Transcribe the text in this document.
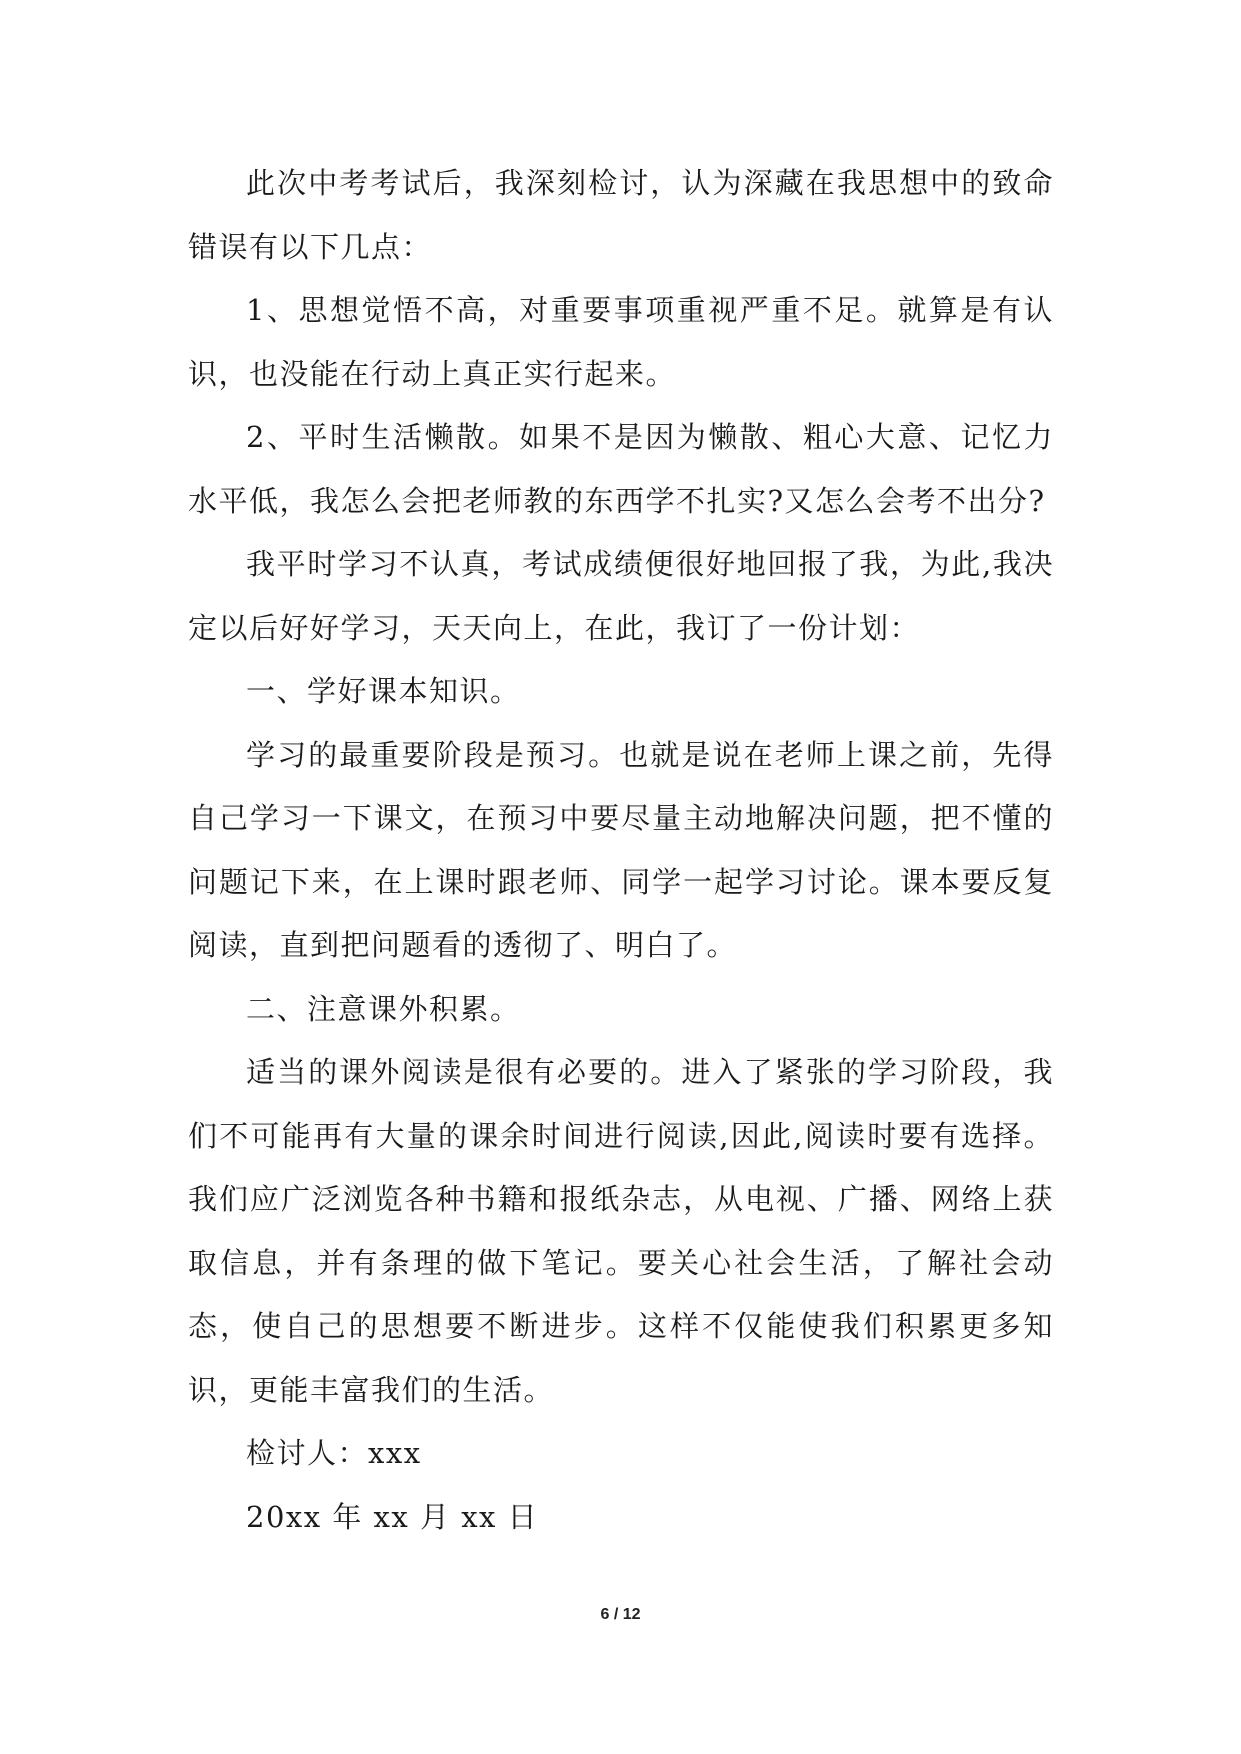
此次中考考试后，我深刻检讨，认为深藏在我思想中的致命错误有以下几点：

1、思想觉悟不高，对重要事项重视严重不足。就算是有认识，也没能在行动上真正实行起来。

2、平时生活懒散。如果不是因为懒散、粗心大意、记忆力水平低，我怎么会把老师教的东西学不扎实?又怎么会考不出分?

我平时学习不认真，考试成绩便很好地回报了我，为此,我决定以后好好学习，天天向上，在此，我订了一份计划：

一、学好课本知识。

学习的最重要阶段是预习。也就是说在老师上课之前，先得自己学习一下课文，在预习中要尽量主动地解决问题，把不懂的问题记下来，在上课时跟老师、同学一起学习讨论。课本要反复阅读，直到把问题看的透彻了、明白了。

二、注意课外积累。

适当的课外阅读是很有必要的。进入了紧张的学习阶段，我们不可能再有大量的课余时间进行阅读,因此,阅读时要有选择。我们应广泛浏览各种书籍和报纸杂志，从电视、广播、网络上获取信息，并有条理的做下笔记。要关心社会生活，了解社会动态，使自己的思想要不断进步。这样不仅能使我们积累更多知识，更能丰富我们的生活。

检讨人：xxx

20xx 年 xx 月 xx 日

6 / 12
